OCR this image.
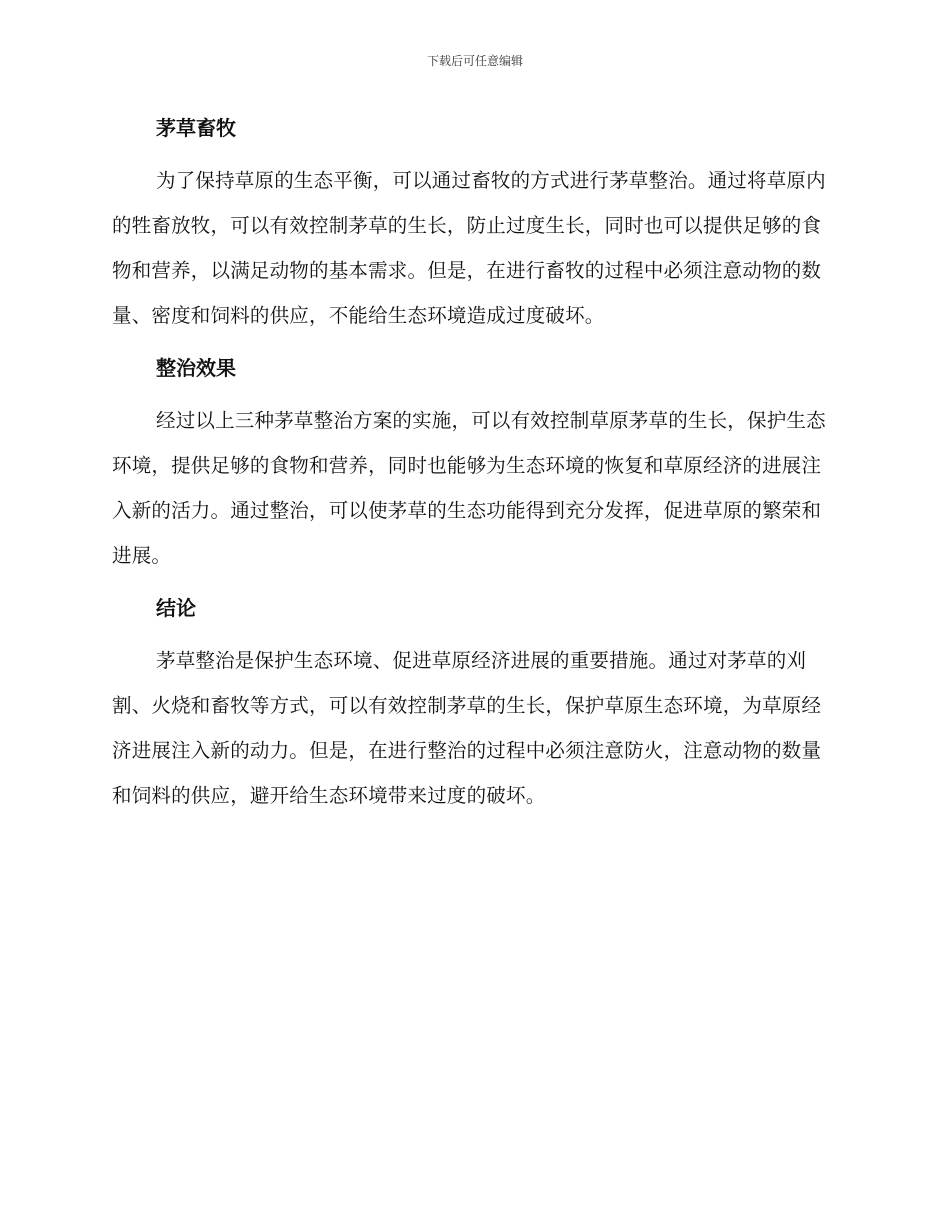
下载后可任意编辑
茅草畜牧

为了保持草原的生态平衡，可以通过畜牧的方式进行茅草整治。通过将草原内的牲畜放牧，可以有效控制茅草的生长，防止过度生长，同时也可以提供足够的食物和营养，以满足动物的基本需求。但是，在进行畜牧的过程中必须注意动物的数量、密度和饲料的供应，不能给生态环境造成过度破坏。

整治效果

经过以上三种茅草整治方案的实施，可以有效控制草原茅草的生长，保护生态环境，提供足够的食物和营养，同时也能够为生态环境的恢复和草原经济的进展注入新的活力。通过整治，可以使茅草的生态功能得到充分发挥，促进草原的繁荣和进展。

结论

茅草整治是保护生态环境、促进草原经济进展的重要措施。通过对茅草的刈割、火烧和畜牧等方式，可以有效控制茅草的生长，保护草原生态环境，为草原经济进展注入新的动力。但是，在进行整治的过程中必须注意防火，注意动物的数量和饲料的供应，避开给生态环境带来过度的破坏。
